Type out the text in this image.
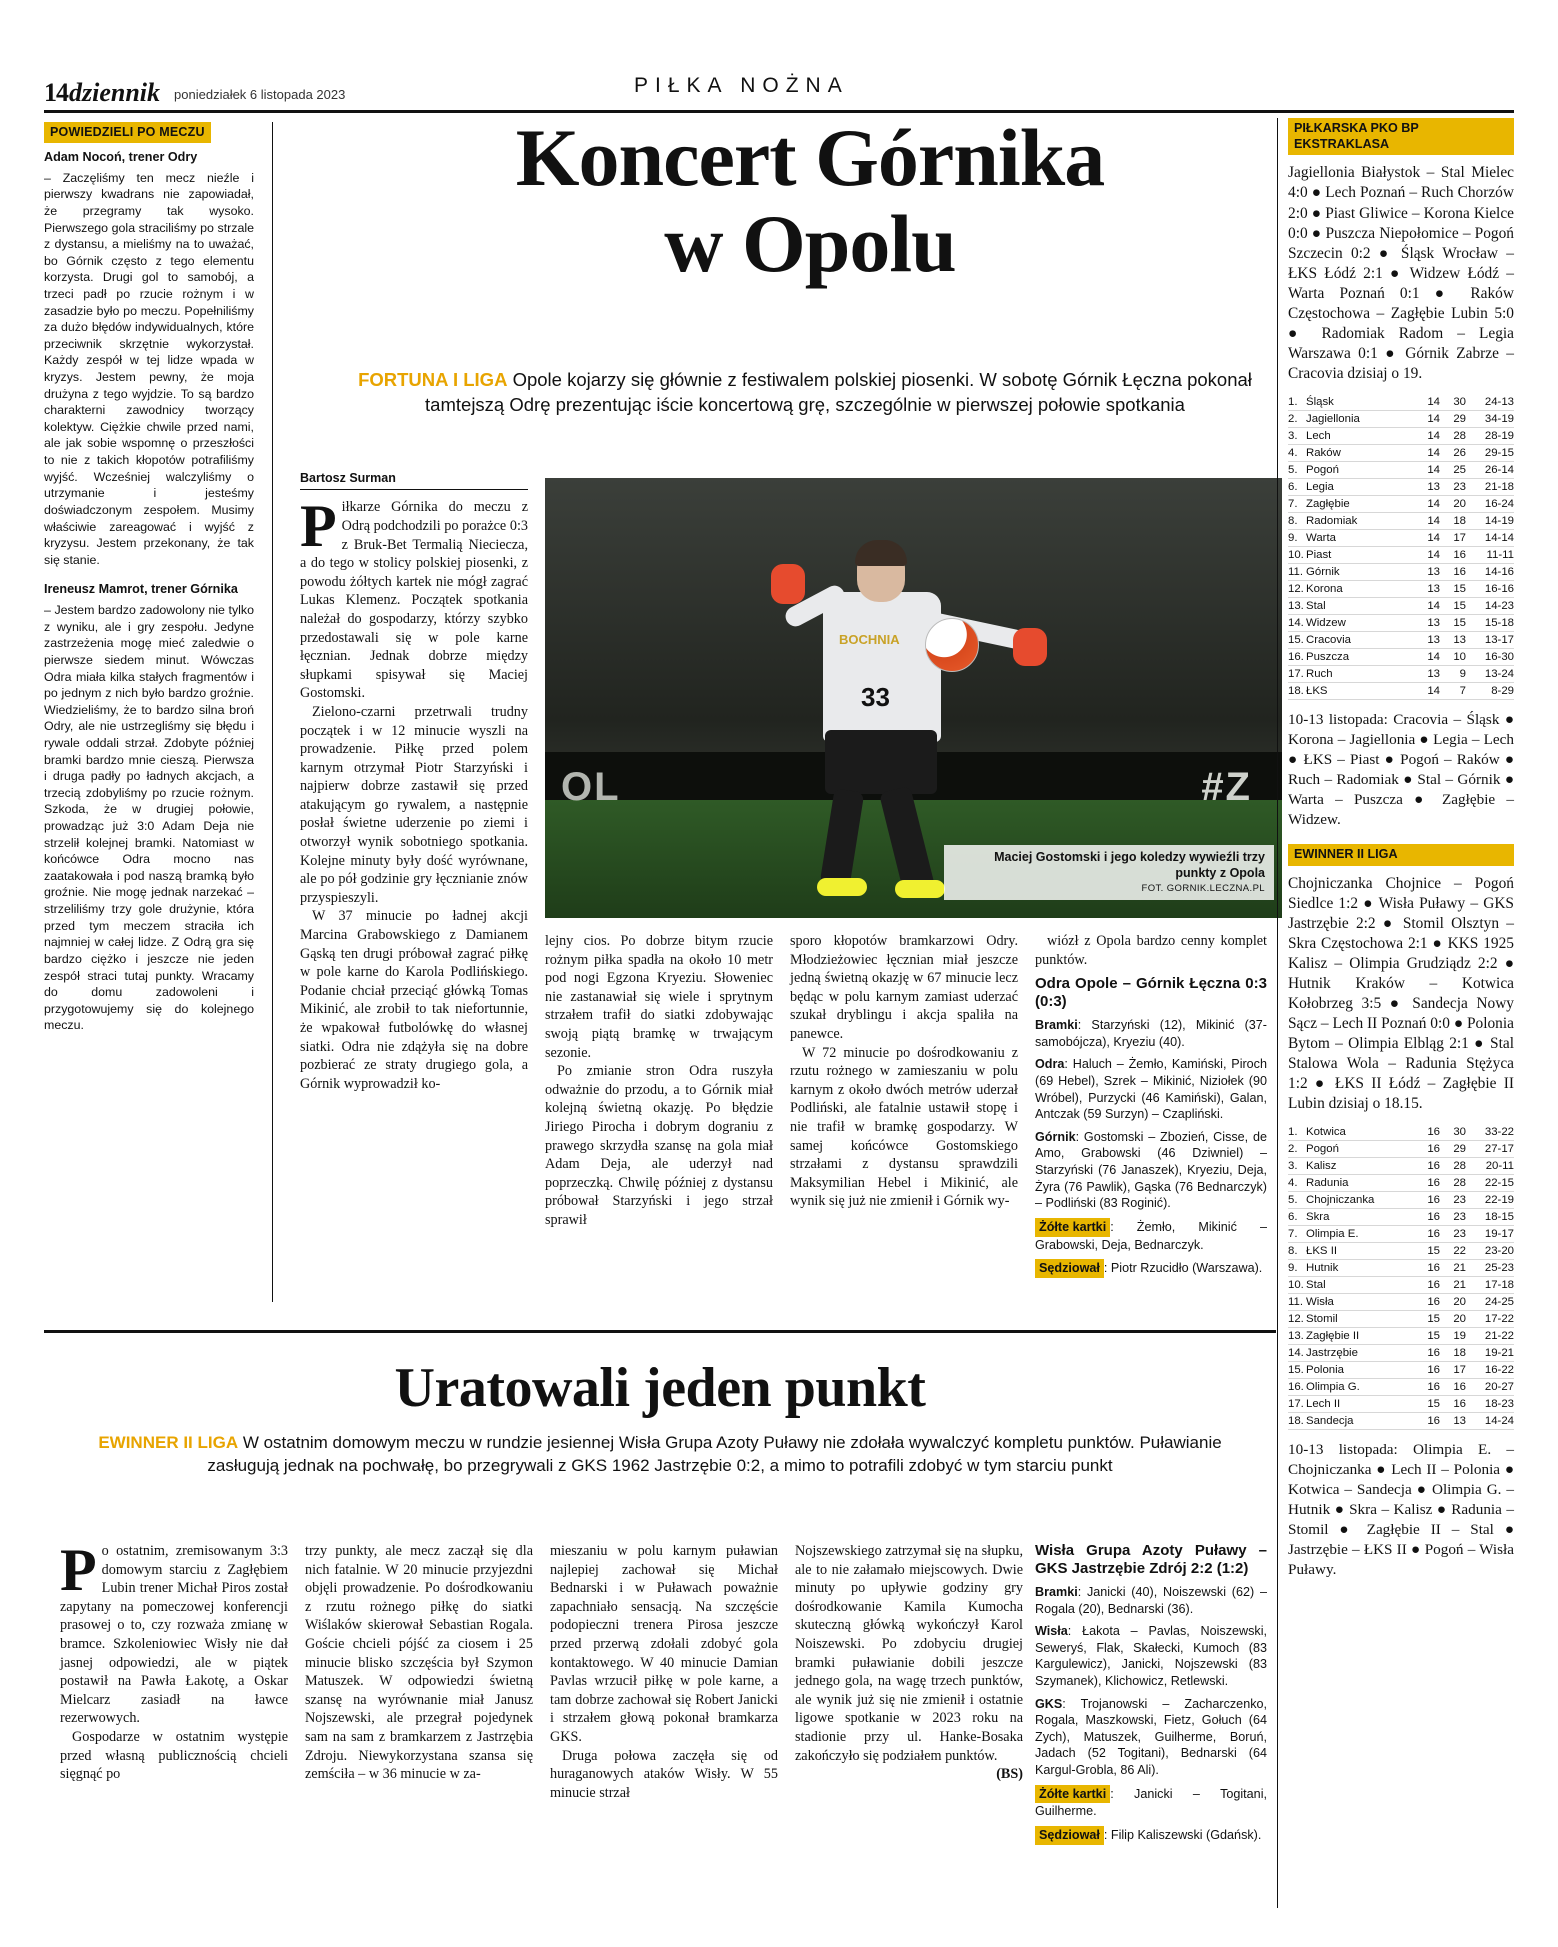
14 dziennik poniedziałek 6 listopada 2023	PIŁKA NOŻNA
POWIEDZIELI PO MECZU
Adam Nocoń, trener Odry

– Zaczęliśmy ten mecz nieźle i pierwszy kwadrans nie zapowiadał, że przegramy tak wysoko. Pierwszego gola straciliśmy po strzale z dystansu, a mieliśmy na to uważać, bo Górnik często z tego elementu korzysta. Drugi gol to samobój, a trzeci padł po rzucie rożnym i w zasadzie było po meczu. Popełniliśmy za dużo błędów indywidualnych, które przeciwnik skrzętnie wykorzystał. Każdy zespół w tej lidze wpada w kryzys. Jestem pewny, że moja drużyna z tego wyjdzie. To są bardzo charakterni zawodnicy tworzący kolektyw. Ciężkie chwile przed nami, ale jak sobie wspomnę o przeszłości to nie z takich kłopotów potrafiliśmy wyjść. Wcześniej walczyliśmy o utrzymanie i jesteśmy doświadczonym zespołem. Musimy właściwie zareagować i wyjść z kryzysu. Jestem przekonany, że tak się stanie.

Ireneusz Mamrot, trener Górnika

– Jestem bardzo zadowolony nie tylko z wyniku, ale i gry zespołu. Jedyne zastrzeżenia mogę mieć zaledwie o pierwsze siedem minut. Wówczas Odra miała kilka stałych fragmentów i po jednym z nich było bardzo groźnie. Wiedzieliśmy, że to bardzo silna broń Odry, ale nie ustrzegliśmy się błędu i rywale oddali strzał. Zdobyte później bramki bardzo mnie cieszą. Pierwsza i druga padły po ładnych akcjach, a trzecią zdobyliśmy po rzucie rożnym. Szkoda, że w drugiej połowie, prowadząc już 3:0 Adam Deja nie strzelił kolejnej bramki. Natomiast w końcówce Odra mocno nas zaatakowała i pod naszą bramką było groźnie. Nie mogę jednak narzekać – strzeliliśmy trzy gole drużynie, która przed tym meczem straciła ich najmniej w całej lidze. Z Odrą gra się bardzo ciężko i jeszcze nie jeden zespół straci tutaj punkty. Wracamy do domu zadowoleni i przygotowujemy się do kolejnego meczu.

Koncert Górnika
w Opolu
FORTUNA I LIGA Opole kojarzy się głównie z festiwalem polskiej piosenki. W sobotę Górnik Łęczna pokonał tamtejszą Odrę prezentując iście koncertową grę, szczególnie w pierwszej połowie spotkania
OL	#Z
BOCHNIA
33
Maciej Gostomski i jego koledzy wywieźli trzy punkty z Opola
FOT. GORNIK.LECZNA.PL
Bartosz Surman

Piłkarze Górnika do meczu z Odrą podchodzili po porażce 0:3 z Bruk-Bet Termalią Nieciecza, a do tego w stolicy polskiej piosenki, z powodu żółtych kartek nie mógł zagrać Lukas Klemenz. Początek spotkania należał do gospodarzy, którzy szybko przedostawali się w pole karne łęcznian. Jednak dobrze między słupkami spisywał się Maciej Gostomski.

Zielono-czarni przetrwali trudny początek i w 12 minucie wyszli na prowadzenie. Piłkę przed polem karnym otrzymał Piotr Starzyński i najpierw dobrze zastawił się przed atakującym go rywalem, a następnie posłał świetne uderzenie po ziemi i otworzył wynik sobotniego spotkania. Kolejne minuty były dość wyrównane, ale po pół godzinie gry łęcznianie znów przyspieszyli.

W 37 minucie po ładnej akcji Marcina Grabowskiego z Damianem Gąską ten drugi próbował zagrać piłkę w pole karne do Karola Podlińskiego. Podanie chciał przeciąć główką Tomas Mikinić, ale zrobił to tak niefortunnie, że wpakował futbolówkę do własnej siatki. Odra nie zdążyła się na dobre pozbierać ze straty drugiego gola, a Górnik wyprowadził ko-

lejny cios. Po dobrze bitym rzucie rożnym piłka spadła na około 10 metr pod nogi Egzona Kryeziu. Słoweniec nie zastanawiał się wiele i sprytnym strzałem trafił do siatki zdobywając swoją piątą bramkę w trwającym sezonie.

Po zmianie stron Odra ruszyła odważnie do przodu, a to Górnik miał kolejną świetną okazję. Po błędzie Jiriego Pirocha i dobrym dograniu z prawego skrzydła szansę na gola miał Adam Deja, ale uderzył nad poprzeczką. Chwilę później z dystansu próbował Starzyński i jego strzał sprawił

sporo kłopotów bramkarzowi Odry. Młodzieżowiec łęcznian miał jeszcze jedną świetną okazję w 67 minucie lecz będąc w polu karnym zamiast uderzać szukał dryblingu i akcja spaliła na panewce.

W 72 minucie po dośrodkowaniu z rzutu rożnego w zamieszaniu w polu karnym z około dwóch metrów uderzał Podliński, ale fatalnie ustawił stopę i nie trafił w bramkę gospodarzy. W samej końcówce Gostomskiego strzałami z dystansu sprawdzili Maksymilian Hebel i Mikinić, ale wynik się już nie zmienił i Górnik wy-

wiózł z Opola bardzo cenny komplet punktów.

Odra Opole – Górnik Łęczna 0:3 (0:3)

Bramki: Starzyński (12), Mikinić (37-samobójcza), Kryeziu (40).

Odra: Haluch – Żemło, Kamiński, Piroch (69 Hebel), Szrek – Mikinić, Niziołek (90 Wróbel), Purzycki (46 Kamiński), Galan, Antczak (59 Surzyn) – Czapliński.

Górnik: Gostomski – Zbozień, Cisse, de Amo, Grabowski (46 Dziwniel) – Starzyński (76 Janaszek), Kryeziu, Deja, Żyra (76 Pawlik), Gąska (76 Bednarczyk) – Podliński (83 Roginić).

Żółte kartki : Żemło, Mikinić – Grabowski, Deja, Bednarczyk.

Sędziował : Piotr Rzucidło (Warszawa).

PIŁKARSKA PKO BP EKSTRAKLASA
Jagiellonia Białystok – Stal Mielec 4:0 ● Lech Poznań – Ruch Chorzów 2:0 ● Piast Gliwice – Korona Kielce 0:0 ● Puszcza Niepołomice – Pogoń Szczecin 0:2 ● Śląsk Wrocław – ŁKS Łódź 2:1 ● Widzew Łódź – Warta Poznań 0:1 ● Raków Częstochowa – Zagłębie Lubin 5:0 ● Radomiak Radom – Legia Warszawa 0:1 ● Górnik Zabrze – Cracovia dzisiaj o 19.
1.	Śląsk	14	30	24-13
2.	Jagiellonia	14	29	34-19
3.	Lech	14	28	28-19
4.	Raków	14	26	29-15
5.	Pogoń	14	25	26-14
6.	Legia	13	23	21-18
7.	Zagłębie	14	20	16-24
8.	Radomiak	14	18	14-19
9.	Warta	14	17	14-14
10.	Piast	14	16	11-11
11.	Górnik	13	16	14-16
12.	Korona	13	15	16-16
13.	Stal	14	15	14-23
14.	Widzew	13	15	15-18
15.	Cracovia	13	13	13-17
16.	Puszcza	14	10	16-30
17.	Ruch	13	9	13-24
18.	ŁKS	14	7	8-29
10-13 listopada: Cracovia – Śląsk ● Korona – Jagiellonia ● Legia – Lech ● ŁKS – Piast ● Pogoń – Raków ● Ruch – Radomiak ● Stal – Górnik ● Warta – Puszcza ● Zagłębie – Widzew.
EWINNER II LIGA
Chojniczanka Chojnice – Pogoń Siedlce 1:2 ● Wisła Puławy – GKS Jastrzębie 2:2 ● Stomil Olsztyn – Skra Częstochowa 2:1 ● KKS 1925 Kalisz – Olimpia Grudziądz 2:2 ● Hutnik Kraków – Kotwica Kołobrzeg 3:5 ● Sandecja Nowy Sącz – Lech II Poznań 0:0 ● Polonia Bytom – Olimpia Elbląg 2:1 ● Stal Stalowa Wola – Radunia Stężyca 1:2 ● ŁKS II Łódź – Zagłębie II Lubin dzisiaj o 18.15.
1.	Kotwica	16	30	33-22
2.	Pogoń	16	29	27-17
3.	Kalisz	16	28	20-11
4.	Radunia	16	28	22-15
5.	Chojniczanka	16	23	22-19
6.	Skra	16	23	18-15
7.	Olimpia E.	16	23	19-17
8.	ŁKS II	15	22	23-20
9.	Hutnik	16	21	25-23
10.	Stal	16	21	17-18
11.	Wisła	16	20	24-25
12.	Stomil	15	20	17-22
13.	Zagłębie II	15	19	21-22
14.	Jastrzębie	16	18	19-21
15.	Polonia	16	17	16-22
16.	Olimpia G.	16	16	20-27
17.	Lech II	15	16	18-23
18.	Sandecja	16	13	14-24
10-13 listopada: Olimpia E. – Chojniczanka ● Lech II – Polonia ● Kotwica – Sandecja ● Olimpia G. – Hutnik ● Skra – Kalisz ● Radunia – Stomil ● Zagłębie II – Stal ● Jastrzębie – ŁKS II ● Pogoń – Wisła Puławy.
Uratowali jeden punkt
EWINNER II LIGA W ostatnim domowym meczu w rundzie jesiennej Wisła Grupa Azoty Puławy nie zdołała wywalczyć kompletu punktów. Puławianie zasługują jednak na pochwałę, bo przegrywali z GKS 1962 Jastrzębie 0:2, a mimo to potrafili zdobyć w tym starciu punkt

Po ostatnim, zremisowanym 3:3 domowym starciu z Zagłębiem Lubin trener Michał Piros został zapytany na pomeczowej konferencji prasowej o to, czy rozważa zmianę w bramce. Szkoleniowiec Wisły nie dał jasnej odpowiedzi, ale w piątek postawił na Pawła Łakotę, a Oskar Mielcarz zasiadł na ławce rezerwowych.

Gospodarze w ostatnim występie przed własną publicznością chcieli sięgnąć po

trzy punkty, ale mecz zaczął się dla nich fatalnie. W 20 minucie przyjezdni objęli prowadzenie. Po dośrodkowaniu z rzutu rożnego piłkę do siatki Wiślaków skierował Sebastian Rogala. Goście chcieli pójść za ciosem i 25 minucie blisko szczęścia był Szymon Matuszek. W odpowiedzi świetną szansę na wyrównanie miał Janusz Nojszewski, ale przegrał pojedynek sam na sam z bramkarzem z Jastrzębia Zdroju. Niewykorzystana szansa się zemściła – w 36 minucie w za-

mieszaniu w polu karnym puławian najlepiej zachował się Michał Bednarski i w Puławach poważnie zapachniało sensacją. Na szczęście podopieczni trenera Pirosa jeszcze przed przerwą zdołali zdobyć gola kontaktowego. W 40 minucie Damian Pavlas wrzucił piłkę w pole karne, a tam dobrze zachował się Robert Janicki i strzałem głową pokonał bramkarza GKS.

Druga połowa zaczęła się od huraganowych ataków Wisły. W 55 minucie strzał

Nojszewskiego zatrzymał się na słupku, ale to nie załamało miejscowych. Dwie minuty po upływie godziny gry dośrodkowanie Kamila Kumocha skuteczną główką wykończył Karol Noiszewski. Po zdobyciu drugiej bramki puławianie dobili jeszcze jednego gola, na wagę trzech punktów, ale wynik już się nie zmienił i ostatnie ligowe spotkanie w 2023 roku na stadionie przy ul. Hanke-Bosaka zakończyło się podziałem punktów.

(BS)

Wisła Grupa Azoty Puławy – GKS Jastrzębie Zdrój 2:2 (1:2)

Bramki: Janicki (40), Noiszewski (62) – Rogala (20), Bednarski (36).

Wisła: Łakota – Pavlas, Noiszewski, Seweryś, Flak, Skałecki, Kumoch (83 Kargulewicz), Janicki, Nojszewski (83 Szymanek), Klichowicz, Retlewski.

GKS: Trojanowski – Zacharczenko, Rogala, Maszkowski, Fietz, Gołuch (64 Zych), Matuszek, Guilherme, Boruń, Jadach (52 Togitani), Bednarski (64 Kargul-Grobla, 86 Ali).

Żółte kartki : Janicki – Togitani, Guilherme.

Sędziował : Filip Kaliszewski (Gdańsk).
